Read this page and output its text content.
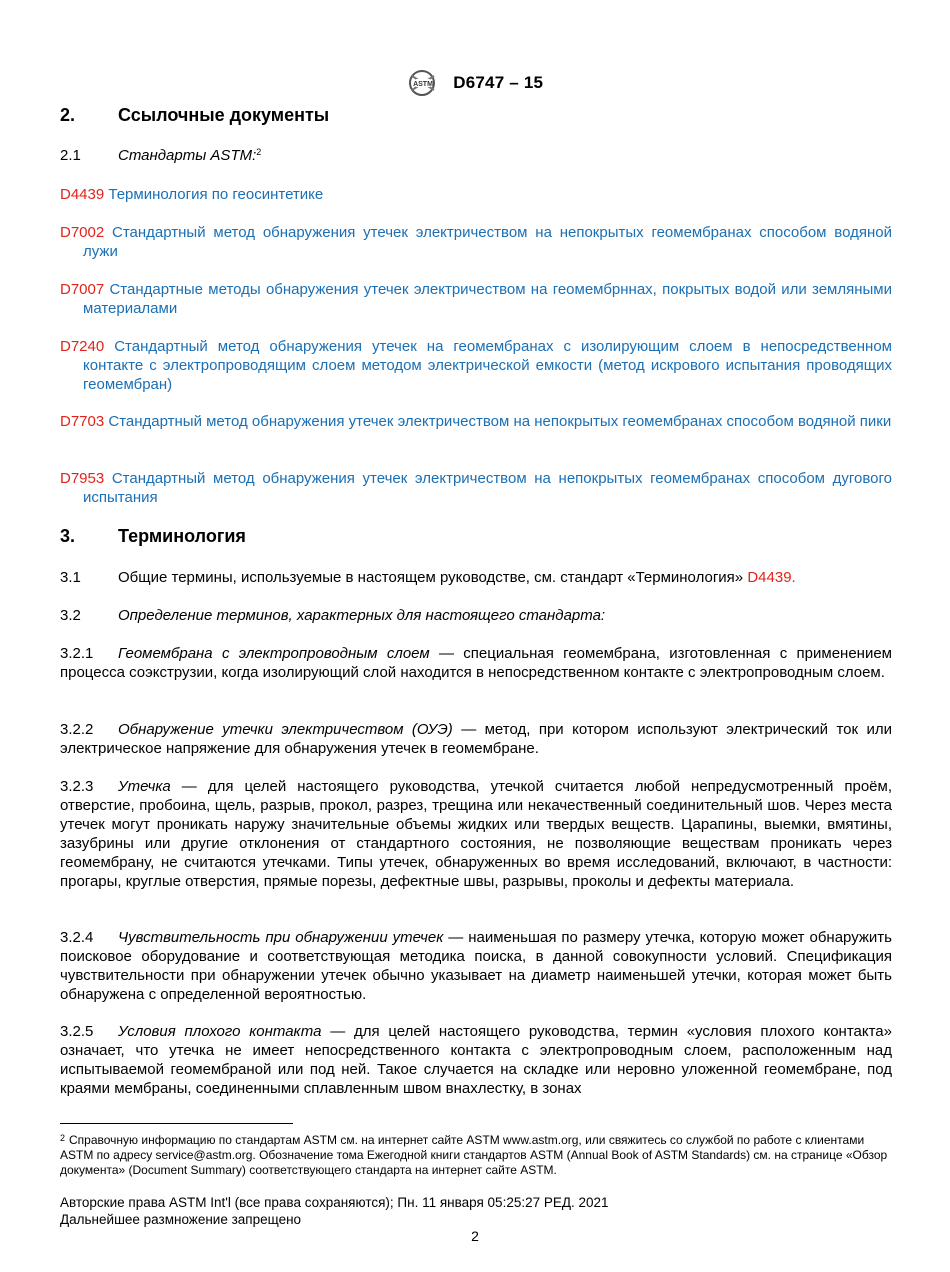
ASTM D6747 – 15
2. Ссылочные документы
2.1 Стандарты ASTM:$^2$
D4439 Терминология по геосинтетике
D7002 Стандартный метод обнаружения утечек электричеством на непокрытых геомембранах способом водяной лужи
D7007 Стандартные методы обнаружения утечек электричеством на геомембрннах, покрытых водой или земляными материалами
D7240 Стандартный метод обнаружения утечек на геомембранах с изолирующим слоем в непосредственном контакте с электропроводящим слоем методом электрической емкости (метод искрового испытания проводящих геомембран)
D7703 Стандартный метод обнаружения утечек электричеством на непокрытых геомембранах способом водяной пики
D7953 Стандартный метод обнаружения утечек электричеством на непокрытых геомембранах способом дугового испытания
3. Терминология
3.1 Общие термины, используемые в настоящем руководстве, см. стандарт «Терминология» D4439.
3.2 Определение терминов, характерных для настоящего стандарта:
3.2.1 Геомембрана с электропроводным слоем — специальная геомембрана, изготовленная с применением процесса соэкструзии, когда изолирующий слой находится в непосредственном контакте с электропроводным слоем.
3.2.2 Обнаружение утечки электричеством (ОУЭ) — метод, при котором используют электрический ток или электрическое напряжение для обнаружения утечек в геомембране.
3.2.3 Утечка — для целей настоящего руководства, утечкой считается любой непредусмотренный проём, отверстие, пробоина, щель, разрыв, прокол, разрез, трещина или некачественный соединительный шов. Через места утечек могут проникать наружу значительные объемы жидких или твердых веществ. Царапины, выемки, вмятины, зазубрины или другие отклонения от стандартного состояния, не позволяющие веществам проникать через геомембрану, не считаются утечками. Типы утечек, обнаруженных во время исследований, включают, в частности: прогары, круглые отверстия, прямые порезы, дефектные швы, разрывы, проколы и дефекты материала.
3.2.4 Чувствительность при обнаружении утечек — наименьшая по размеру утечка, которую может обнаружить поисковое оборудование и соответствующая методика поиска, в данной совокупности условий. Спецификация чувствительности при обнаружении утечек обычно указывает на диаметр наименьшей утечки, которая может быть обнаружена с определенной вероятностью.
3.2.5 Условия плохого контакта — для целей настоящего руководства, термин «условия плохого контакта» означает, что утечка не имеет непосредственного контакта с электропроводным слоем, расположенным над испытываемой геомембраной или под ней. Такое случается на складке или неровно уложенной геомембране, под краями мембраны, соединенными сплавленным швом внахлестку, в зонах
$^2$ Справочную информацию по стандартам ASTM см. на интернет сайте ASTM www.astm.org, или свяжитесь со службой по работе с клиентами ASTM по адресу service@astm.org. Обозначение тома Ежегодной книги стандартов ASTM (Annual Book of ASTM Standards) см. на странице «Обзор документа» (Document Summary) соответствующего стандарта на интернет сайте ASTM.
Авторские права ASTM Int'l (все права сохраняются); Пн. 11 января 05:25:27 РЕД. 2021
Дальнейшее размножение запрещено
2
